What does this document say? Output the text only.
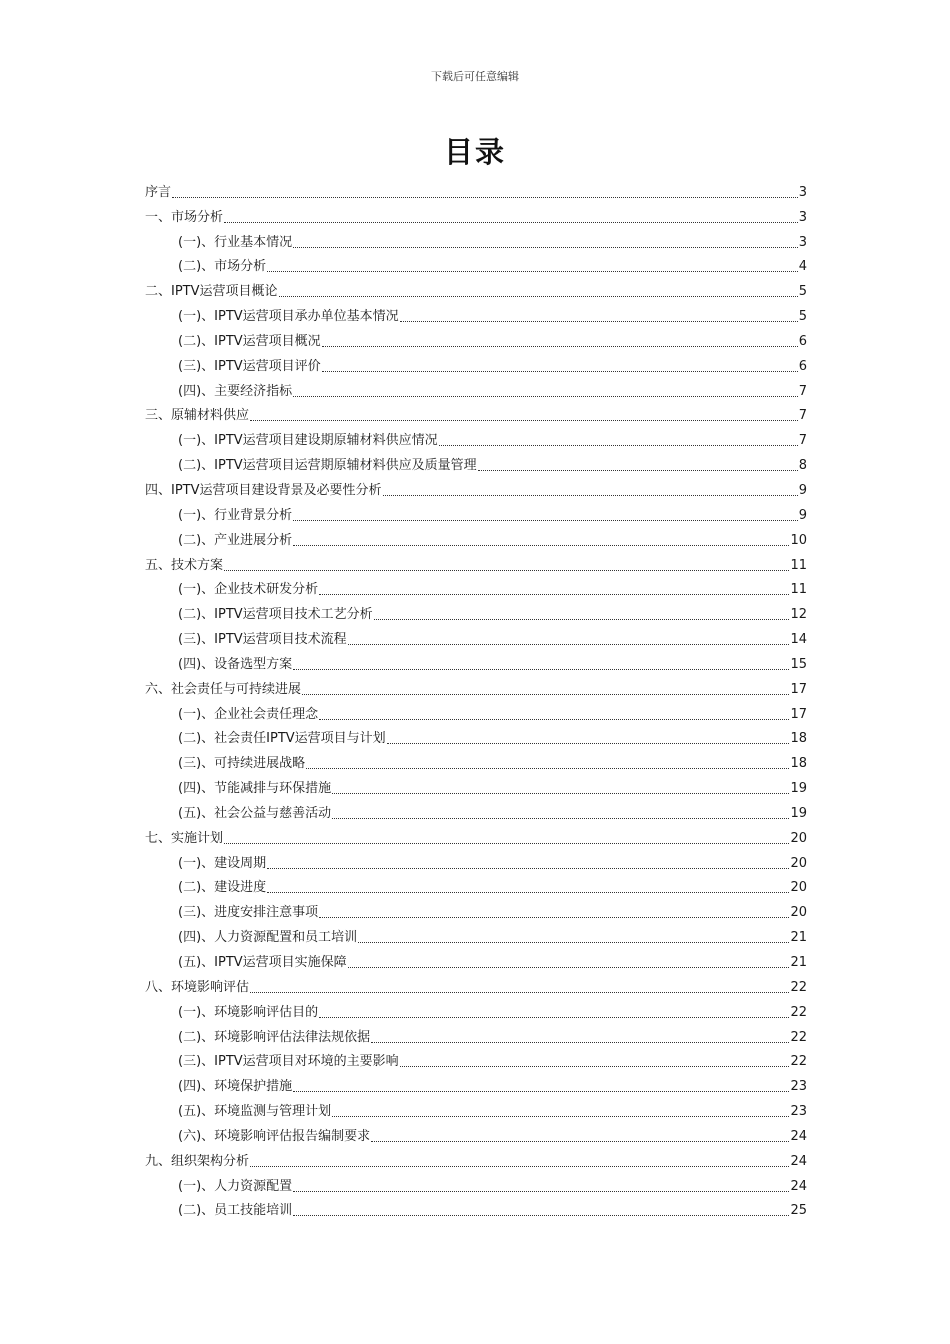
下载后可任意编辑
目录
序言	3
一、市场分析	3
(一)、行业基本情况	3
(二)、市场分析	4
二、IPTV运营项目概论	5
(一)、IPTV运营项目承办单位基本情况	5
(二)、IPTV运营项目概况	6
(三)、IPTV运营项目评价	6
(四)、主要经济指标	7
三、原辅材料供应	7
(一)、IPTV运营项目建设期原辅材料供应情况	7
(二)、IPTV运营项目运营期原辅材料供应及质量管理	8
四、IPTV运营项目建设背景及必要性分析	9
(一)、行业背景分析	9
(二)、产业进展分析	10
五、技术方案	11
(一)、企业技术研发分析	11
(二)、IPTV运营项目技术工艺分析	12
(三)、IPTV运营项目技术流程	14
(四)、设备选型方案	15
六、社会责任与可持续进展	17
(一)、企业社会责任理念	17
(二)、社会责任IPTV运营项目与计划	18
(三)、可持续进展战略	18
(四)、节能减排与环保措施	19
(五)、社会公益与慈善活动	19
七、实施计划	20
(一)、建设周期	20
(二)、建设进度	20
(三)、进度安排注意事项	20
(四)、人力资源配置和员工培训	21
(五)、IPTV运营项目实施保障	21
八、环境影响评估	22
(一)、环境影响评估目的	22
(二)、环境影响评估法律法规依据	22
(三)、IPTV运营项目对环境的主要影响	22
(四)、环境保护措施	23
(五)、环境监测与管理计划	23
(六)、环境影响评估报告编制要求	24
九、组织架构分析	24
(一)、人力资源配置	24
(二)、员工技能培训	25
